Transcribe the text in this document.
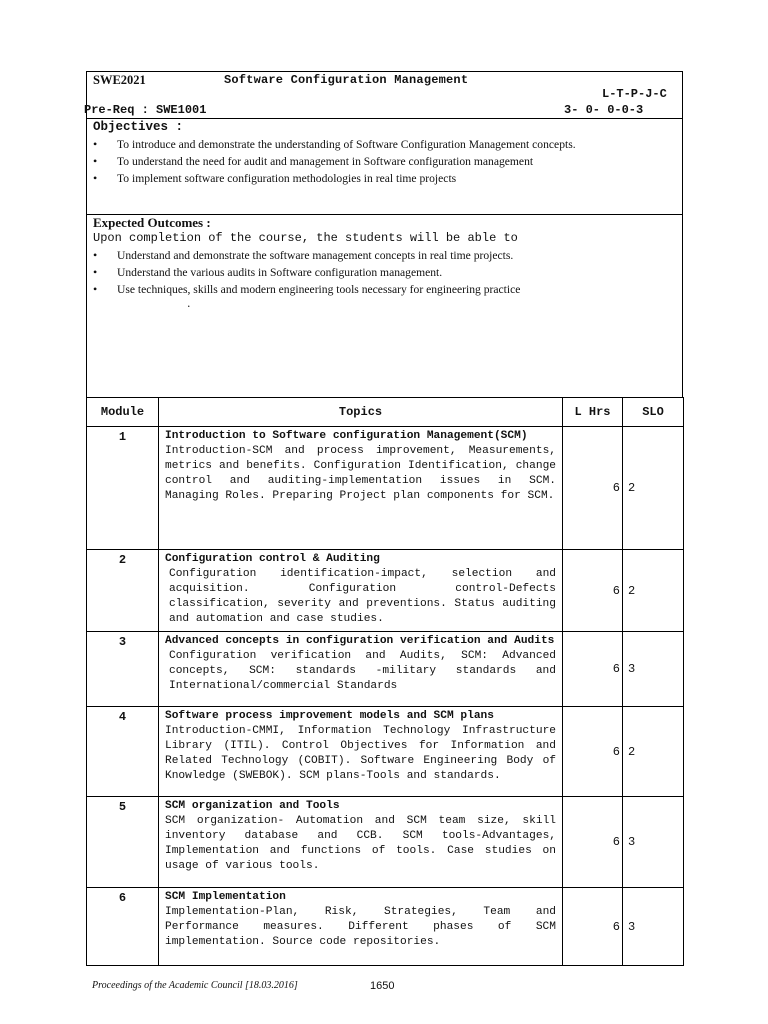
SWE2021	Software Configuration Management
L-T-P-J-C
Pre-Req : SWE1001	3- 0- 0-0-3
Objectives :
• To introduce and demonstrate the understanding of Software Configuration Management concepts.
• To understand the need for audit and management in Software configuration management
• To implement software configuration methodologies in real time projects
Expected Outcomes :
Upon completion of the course, the students will be able to
• Understand and demonstrate the software management concepts in real time projects.
• Understand the various audits in Software configuration management.
• Use techniques, skills and modern engineering tools necessary for engineering practice
.
Module	Topics	L Hrs	SLO
1	Introduction to Software configuration Management(SCM)
Introduction-SCM and process improvement, Measurements, metrics and benefits. Configuration Identification, change control and auditing-implementation issues in SCM. Managing Roles. Preparing Project plan components for SCM.	6	2
2	Configuration control & Auditing
Configuration identification-impact, selection and acquisition. Configuration control-Defects classification, severity and preventions. Status auditing and automation and case studies.	6	2
3	Advanced concepts in configuration verification and Audits
Configuration verification and Audits, SCM: Advanced concepts, SCM: standards -military standards and International/commercial Standards	6	3
4	Software process improvement models and SCM plans
Introduction-CMMI, Information Technology Infrastructure Library (ITIL). Control Objectives for Information and Related Technology (COBIT). Software Engineering Body of Knowledge (SWEBOK). SCM plans-Tools and standards.	6	2
5	SCM organization and Tools
SCM organization- Automation and SCM team size, skill inventory database and CCB. SCM tools-Advantages, Implementation and functions of tools. Case studies on usage of various tools.	6	3
6	SCM Implementation
Implementation-Plan, Risk, Strategies, Team and Performance measures. Different phases of SCM implementation. Source code repositories.	6	3
Proceedings of the Academic Council [18.03.2016]	1650
